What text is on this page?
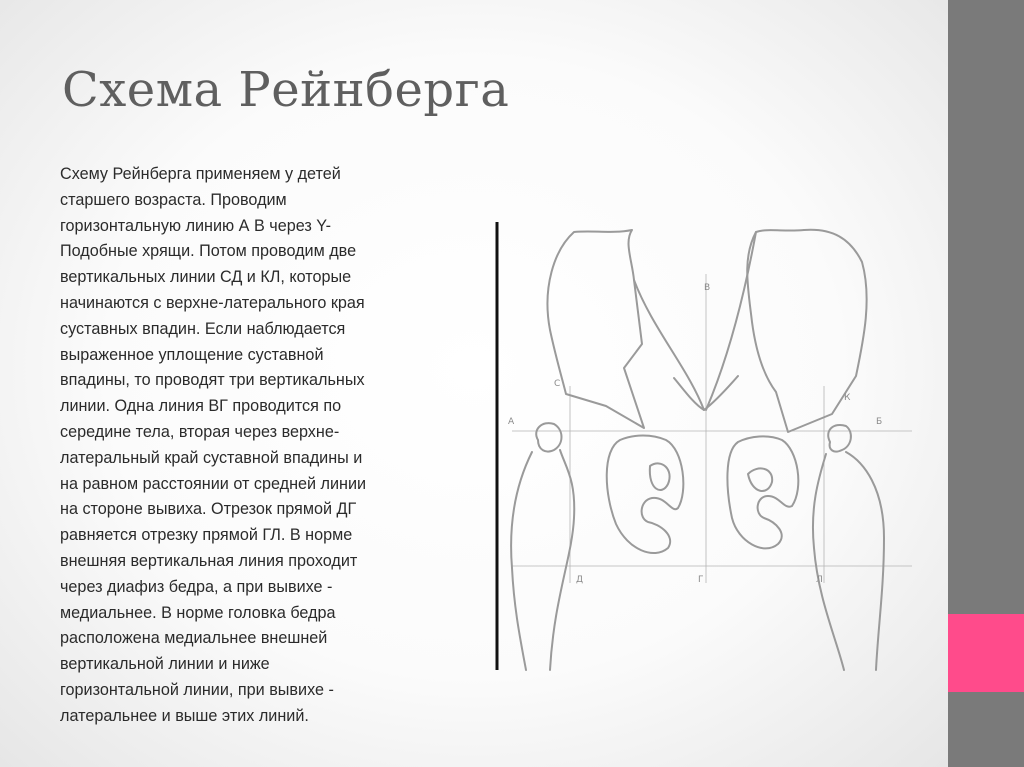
Схема Рейнберга
Схему Рейнберга применяем у детей
старшего возраста. Проводим
горизонтальную линию А В через Y-
Подобные хрящи. Потом проводим две
вертикальных линии СД и КЛ, которые
начинаются с верхне-латерального края
суставных впадин. Если наблюдается
выраженное уплощение суставной
впадины, то проводят три вертикальных
линии. Одна линия ВГ проводится по
середине тела, вторая через верхне-
латеральный край суставной впадины и
на равном расстоянии от средней линии
на стороне вывиха. Отрезок прямой ДГ
равняется отрезку прямой ГЛ. В норме
внешняя вертикальная линия проходит
через диафиз бедра, а при вывихе -
медиальнее. В норме головка бедра
расположена медиальнее внешней
вертикальной линии и ниже
горизонтальной линии, при вывихе -
латеральнее и выше этих линий.
В
С
К
А	Б
Д	Г	Л
